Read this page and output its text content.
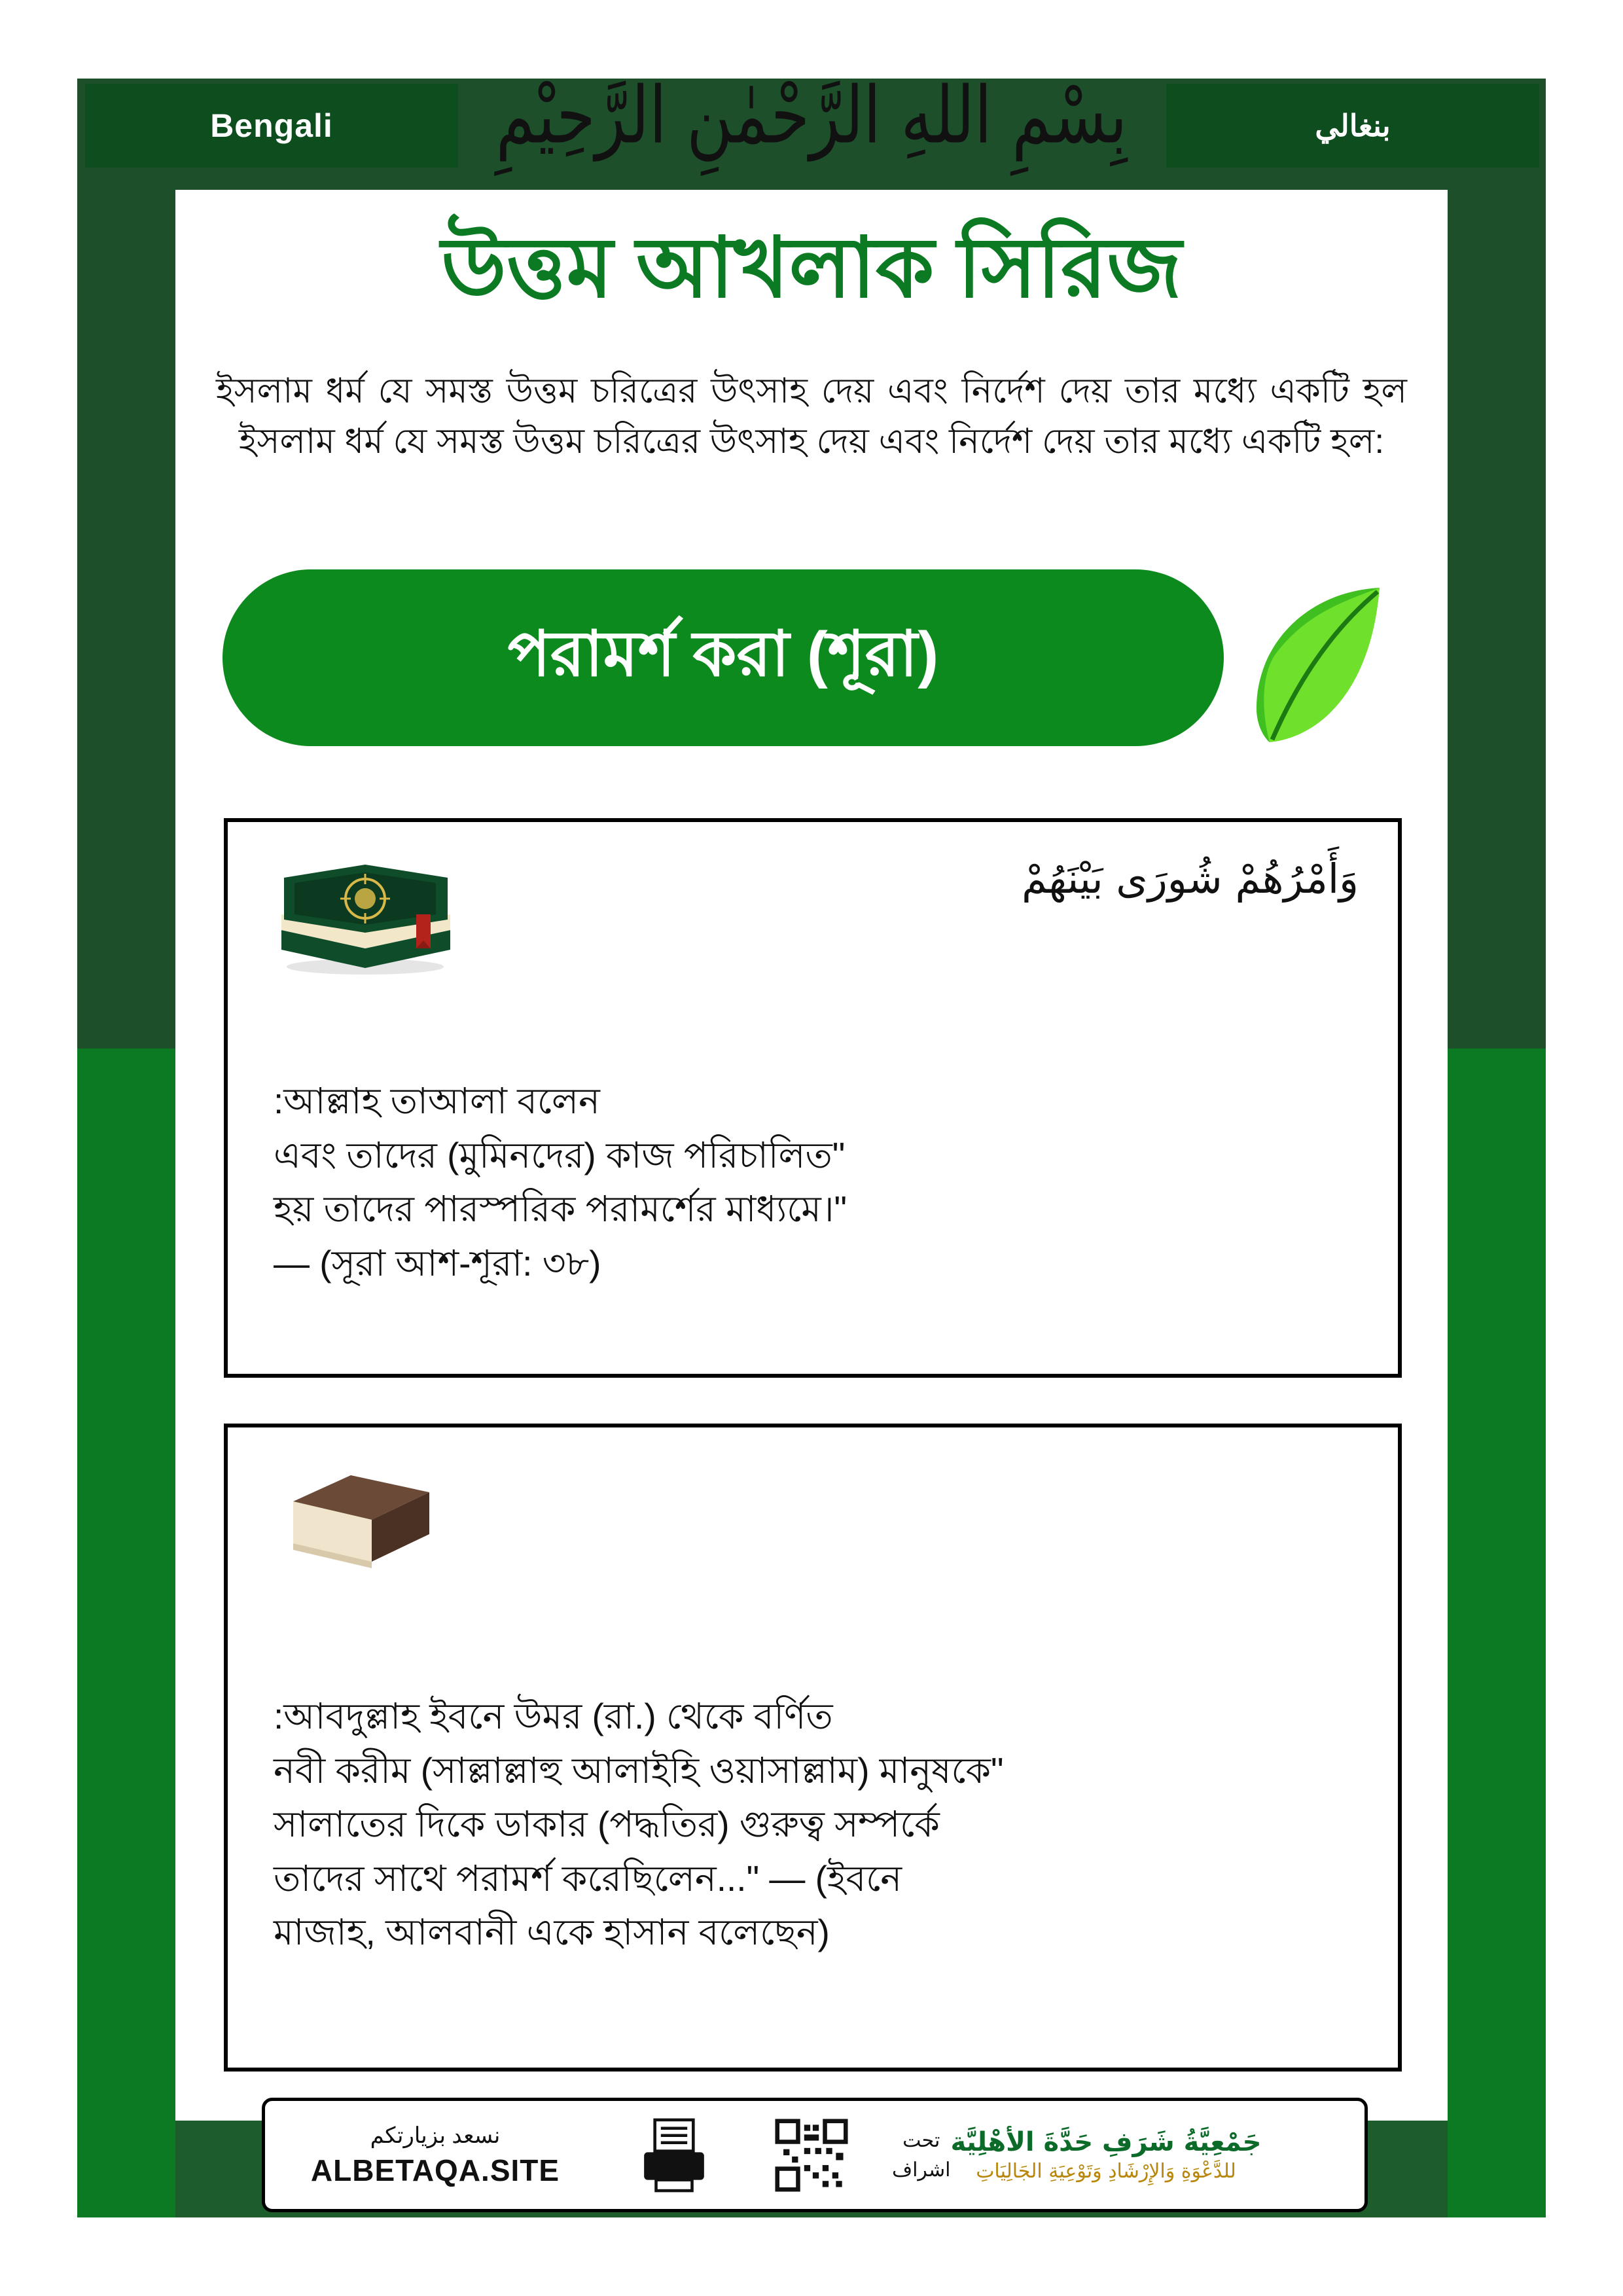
بِسْمِ اللهِ الرَّحْمٰنِ الرَّحِيْمِ
Bengali	بنغالي
উত্তম আখলাক সিরিজ
ইসলাম ধর্ম যে সমস্ত উত্তম চরিত্রের উৎসাহ দেয় এবং নির্দেশ দেয় তার মধ্যে একটি হল ইসলাম ধর্ম যে সমস্ত উত্তম চরিত্রের উৎসাহ দেয় এবং নির্দেশ দেয় তার মধ্যে একটি হল:
পরামর্শ করা (শূরা)
وَأَمْرُهُمْ شُورَى بَيْنَهُمْ
:আল্লাহ তাআলা বলেন
এবং তাদের (মুমিনদের) কাজ পরিচালিত"
হয় তাদের পারস্পরিক পরামর্শের মাধ্যমে।"
— (সূরা আশ-শূরা: ৩৮)
:আবদুল্লাহ ইবনে উমর (রা.) থেকে বর্ণিত
নবী করীম (সাল্লাল্লাহু আলাইহি ওয়াসাল্লাম) মানুষকে"
সালাতের দিকে ডাকার (পদ্ধতির) গুরুত্ব সম্পর্কে
তাদের সাথে পরামর্শ করেছিলেন..." — (ইবনে
মাজাহ, আলবানী একে হাসান বলেছেন)
نسعد بزيارتكم
ALBETAQA.SITE
جَمْعِيَّةُ شَرَفِ حَدَّةَ الأهْلِيَّة
للدَّعْوَةِ وَالإِرْشَادِ وَتَوْعِيَةِ الجَالِيَاتِ
تحت
اشراف
